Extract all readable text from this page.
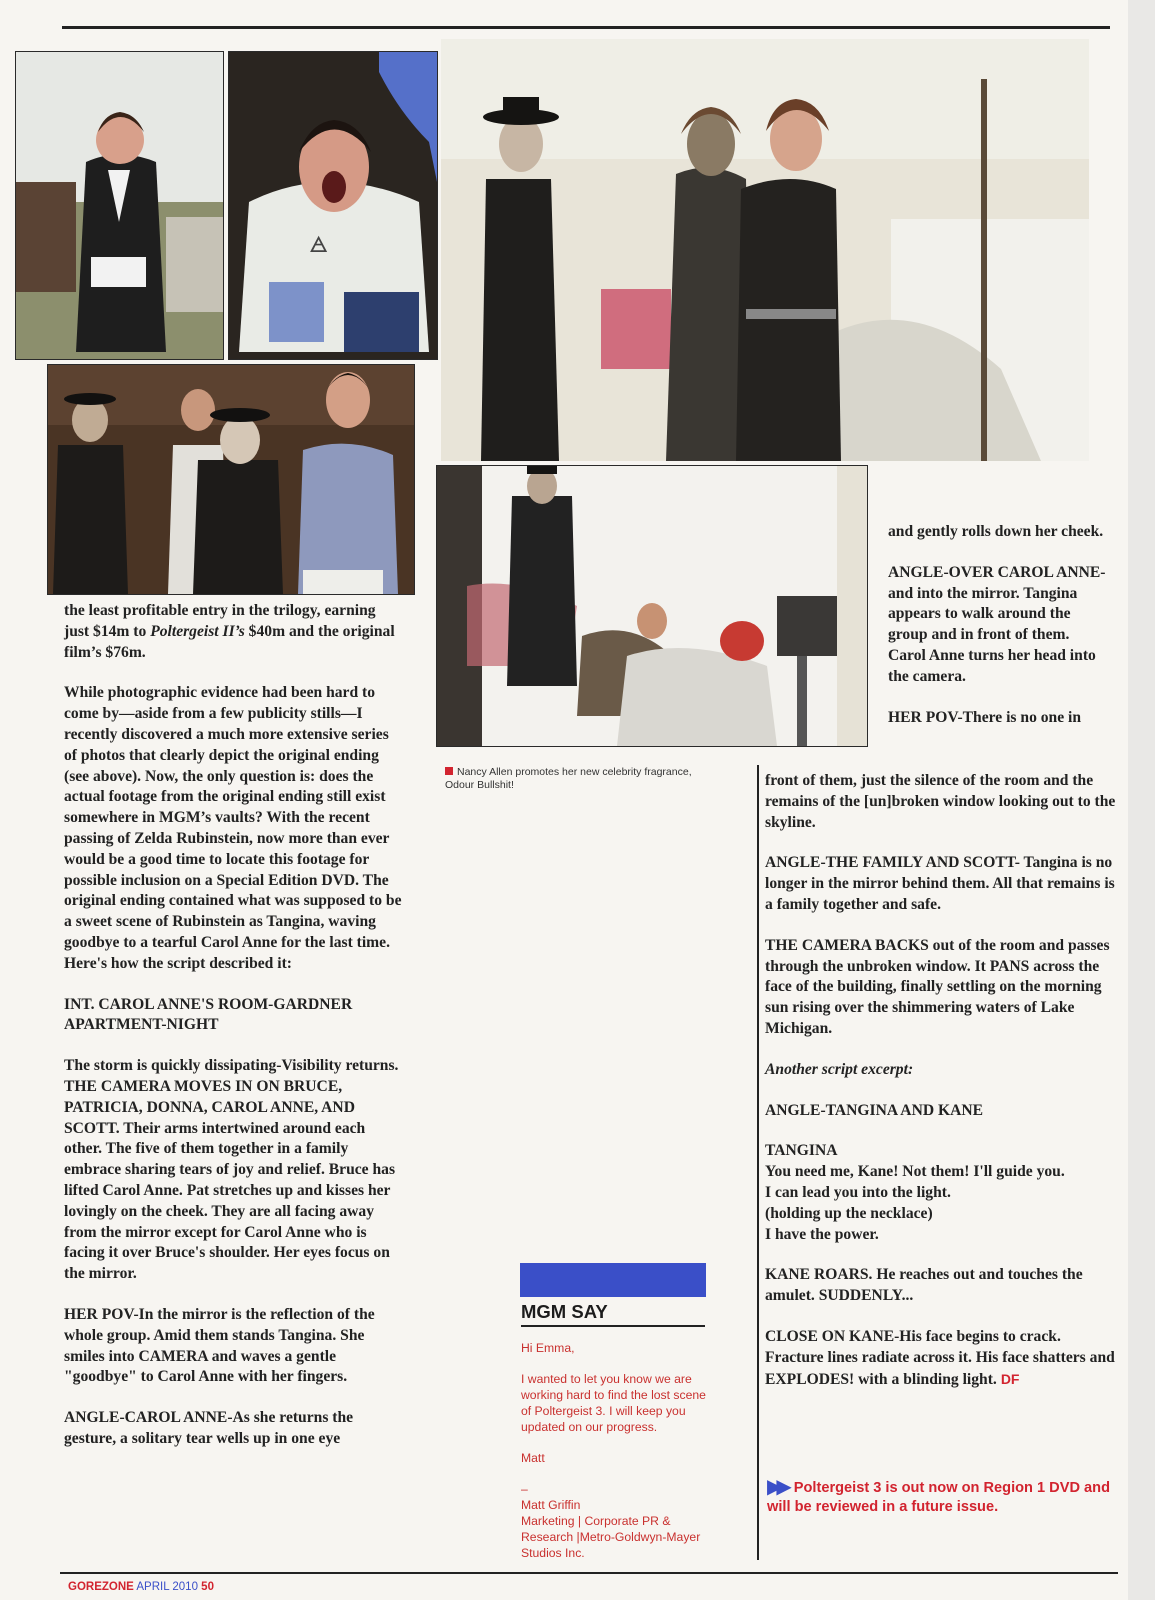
🜁
Nancy Allen promotes her new celebrity fragrance, Odour Bullshit!

the least profitable entry in the trilogy, earning just $14m to Poltergeist II’s $40m and the original film’s $76m.

While photographic evidence had been hard to come by—aside from a few publicity stills—I recently discovered a much more extensive series of photos that clearly depict the original ending (see above). Now, the only question is: does the actual footage from the original ending still exist somewhere in MGM’s vaults? With the recent passing of Zelda Rubinstein, now more than ever would be a good time to locate this footage for possible inclusion on a Special Edition DVD. The original ending contained what was supposed to be a sweet scene of Rubinstein as Tangina, waving goodbye to a tearful Carol Anne for the last time. Here's how the script described it:

INT. CAROL ANNE'S ROOM-GARDNER APARTMENT-NIGHT

The storm is quickly dissipating-Visibility returns. THE CAMERA MOVES IN ON BRUCE, PATRICIA, DONNA, CAROL ANNE, AND SCOTT. Their arms intertwined around each other. The five of them together in a family embrace sharing tears of joy and relief. Bruce has lifted Carol Anne. Pat stretches up and kisses her lovingly on the cheek. They are all facing away from the mirror except for Carol Anne who is facing it over Bruce's shoulder. Her eyes focus on the mirror.

HER POV-In the mirror is the reflection of the whole group. Amid them stands Tangina. She smiles into CAMERA and waves a gentle "goodbye" to Carol Anne with her fingers.

ANGLE-CAROL ANNE-As she returns the gesture, a solitary tear wells up in one eye

and gently rolls down her cheek.

ANGLE-OVER CAROL ANNE-and into the mirror. Tangina appears to walk around the group and in front of them. Carol Anne turns her head into the camera.

HER POV-There is no one in

front of them, just the silence of the room and the remains of the [un]broken window looking out to the skyline.

ANGLE-THE FAMILY AND SCOTT- Tangina is no longer in the mirror behind them. All that remains is a family together and safe.

THE CAMERA BACKS out of the room and passes through the unbroken window. It PANS across the face of the building, finally settling on the morning sun rising over the shimmering waters of Lake Michigan.

Another script excerpt:

ANGLE-TANGINA AND KANE

TANGINA
You need me, Kane! Not them! I'll guide you.
I can lead you into the light.
(holding up the necklace)
I have the power.

KANE ROARS. He reaches out and touches the amulet. SUDDENLY...

CLOSE ON KANE-His face begins to crack. Fracture lines radiate across it. His face shatters and EXPLODES! with a blinding light. DF

MGM SAY

Hi Emma,

I wanted to let you know we are working hard to find the lost scene of Poltergeist 3. I will keep you updated on our progress.

Matt

–
Matt Griffin
Marketing | Corporate PR & Research |Metro-Goldwyn-Mayer Studios Inc.

▶▶ Poltergeist 3 is out now on Region 1 DVD and will be reviewed in a future issue.
GOREZONE APRIL 2010 50
